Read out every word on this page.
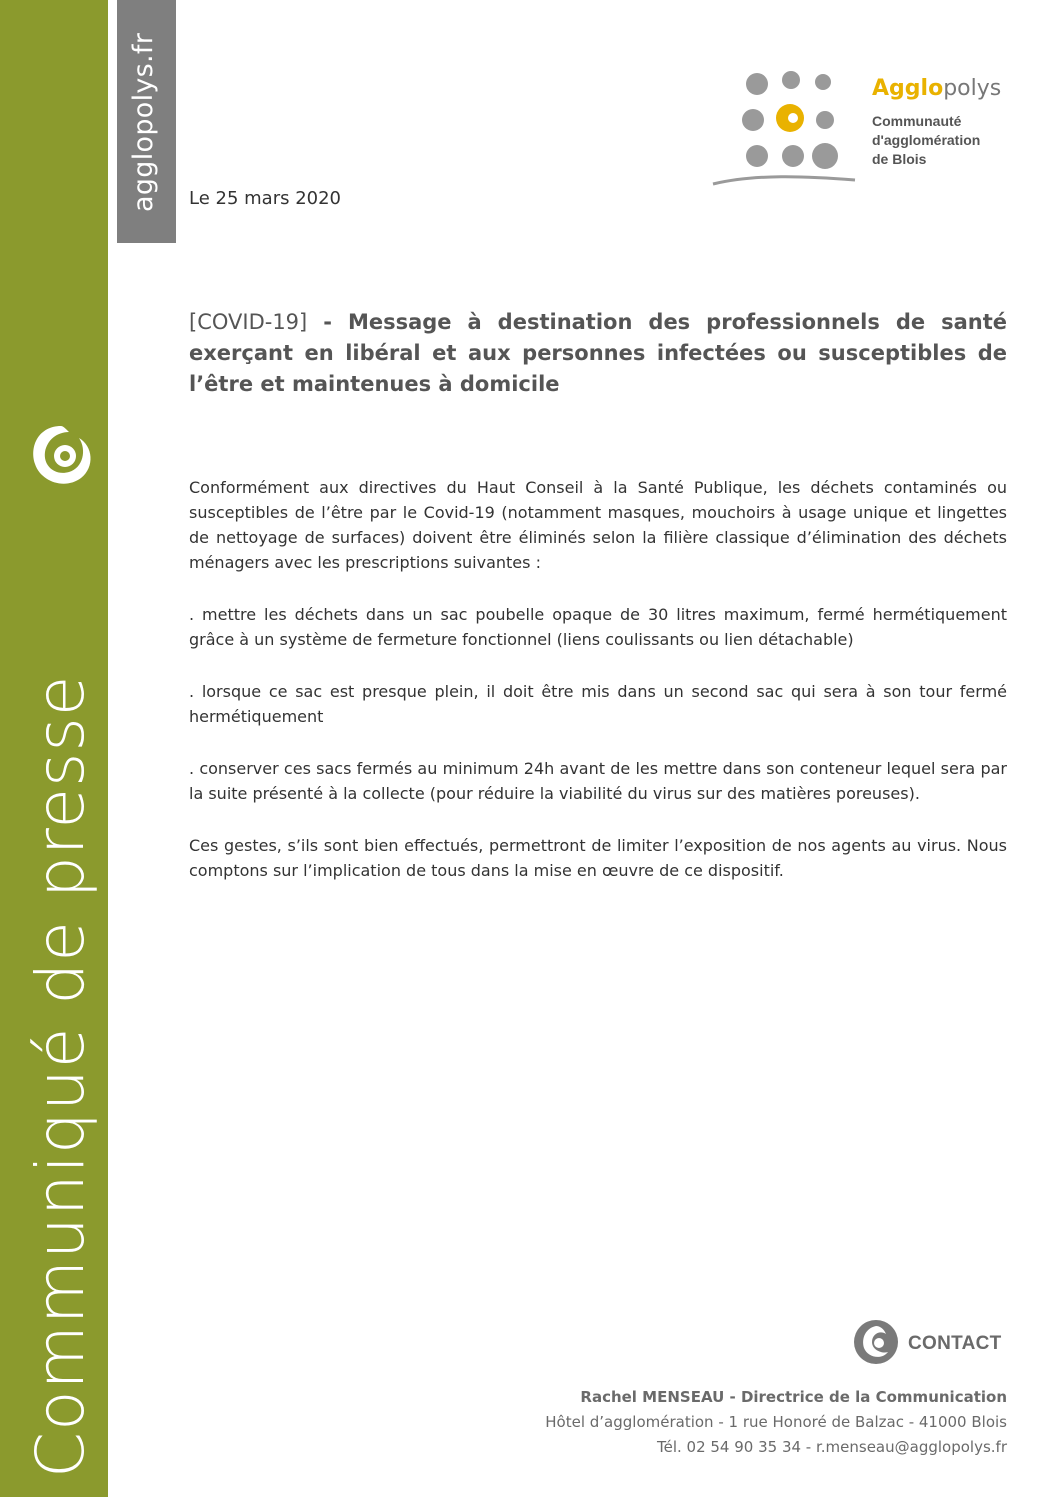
agglopolys.fr
Communiqué de presse
Agglopolys
Communauté
d'agglomération
de Blois
Le 25 mars 2020
[COVID-19] - Message à destination des professionnels de santé exerçant en libéral et aux personnes infectées ou susceptibles de l’être et maintenues à domicile

Conformément aux directives du Haut Conseil à la Santé Publique, les déchets contaminés ou susceptibles de l’être par le Covid-19 (notamment masques, mouchoirs à usage unique et lingettes de nettoyage de surfaces) doivent être éliminés selon la filière classique d’élimination des déchets ménagers avec les prescriptions suivantes :

. mettre les déchets dans un sac poubelle opaque de 30 litres maximum, fermé hermétiquement grâce à un système de fermeture fonctionnel (liens coulissants ou lien détachable)

. lorsque ce sac est presque plein, il doit être mis dans un second sac qui sera à son tour fermé hermétiquement

. conserver ces sacs fermés au minimum 24h avant de les mettre dans son conteneur lequel sera par la suite présenté à la collecte (pour réduire la viabilité du virus sur des matières poreuses).

Ces gestes, s’ils sont bien effectués, permettront de limiter l’exposition de nos agents au virus. Nous comptons sur l’implication de tous dans la mise en œuvre de ce dispositif.

CONTACT
Rachel MENSEAU - Directrice de la Communication
Hôtel d’agglomération - 1 rue Honoré de Balzac - 41000 Blois
Tél. 02 54 90 35 34 - r.menseau@agglopolys.fr
